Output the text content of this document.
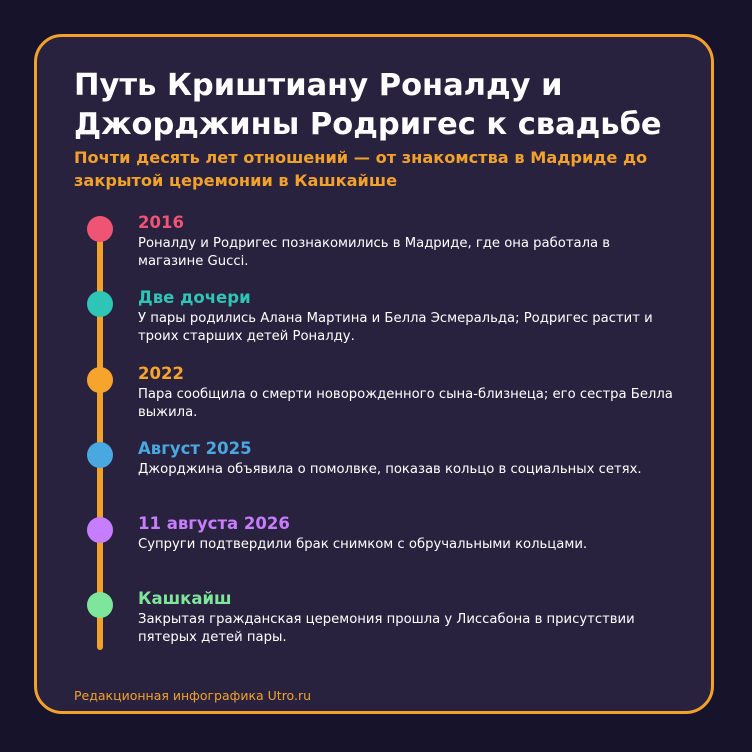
Путь Криштиану Роналду и Джорджины Родригес к свадьбе

Почти десять лет отношений — от знакомства в Мадриде до закрытой церемонии в Кашкайше

2016
Роналду и Родригес познакомились в Мадриде, где она работала в магазине Gucci.
Две дочери
У пары родились Алана Мартина и Белла Эсмеральда; Родригес растит и троих старших детей Роналду.
2022
Пара сообщила о смерти новорожденного сына-близнеца; его сестра Белла выжила.
Август 2025
Джорджина объявила о помолвке, показав кольцо в социальных сетях.
11 августа 2026
Супруги подтвердили брак снимком с обручальными кольцами.
Кашкайш
Закрытая гражданская церемония прошла у Лиссабона в присутствии пятерых детей пары.
Редакционная инфографика Utro.ru
